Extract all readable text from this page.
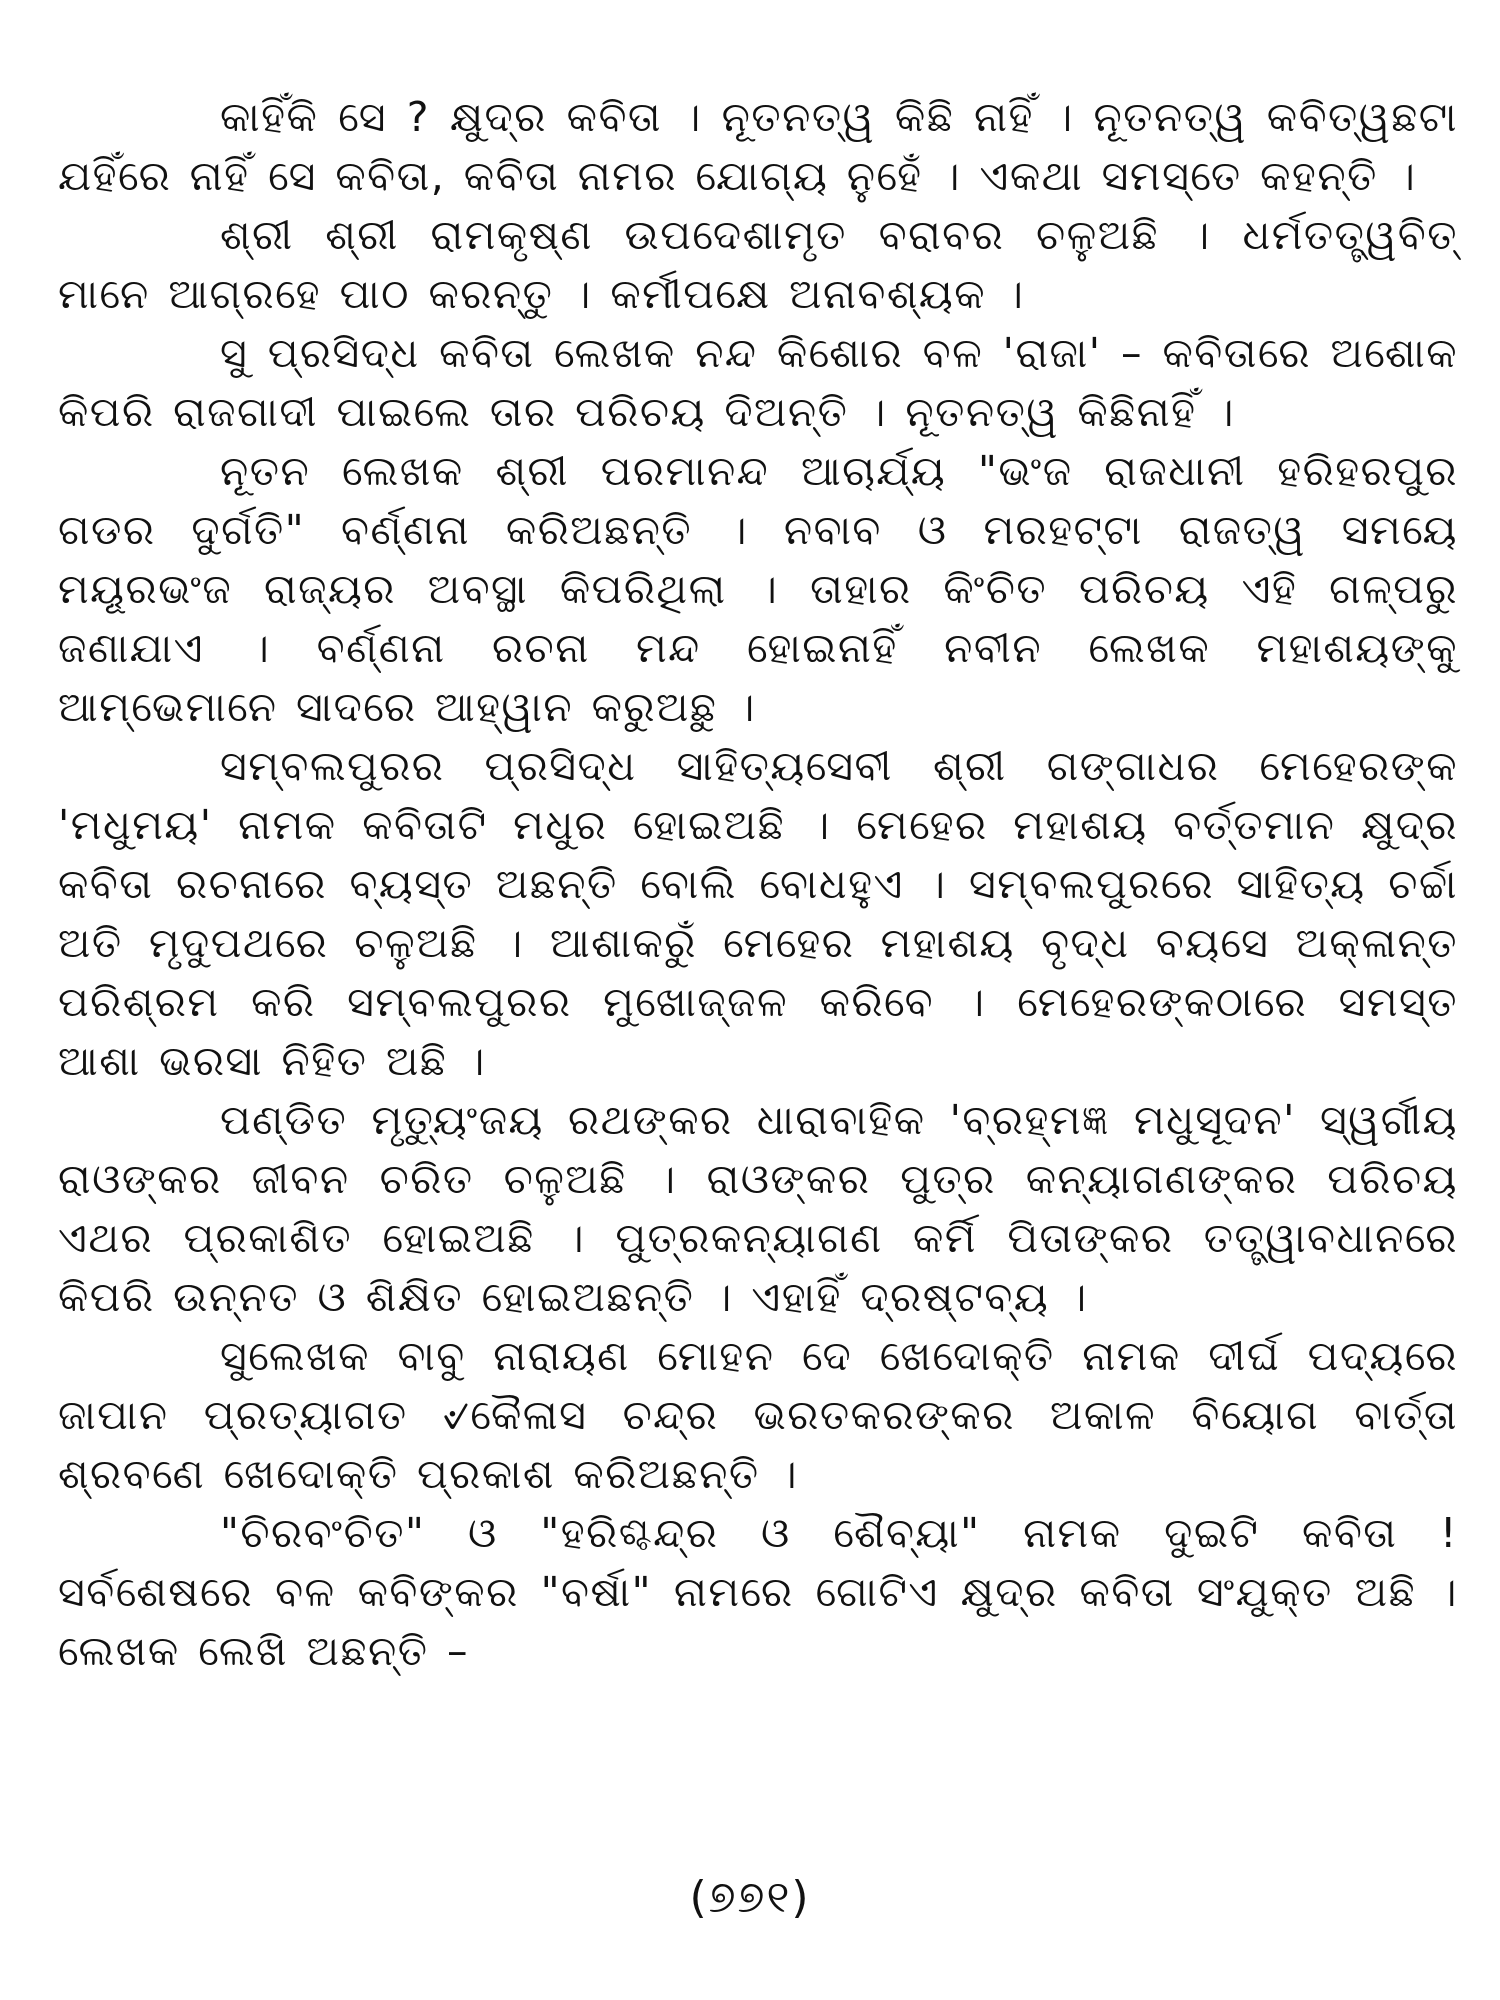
କାହିଁକି ସେ ? କ୍ଷୁଦ୍ର କବିତା । ନୂତନତ୍ୱ କିଛି ନାହିଁ । ନୂତନତ୍ୱ କବିତ୍ୱଛଟା ଯହିଁରେ ନାହିଁ ସେ କବିତା, କବିତା ନାମର ଯୋଗ୍ୟ ନୁହେଁ । ଏକଥା ସମସ୍ତେ କହନ୍ତି ।

ଶ୍ରୀ ଶ୍ରୀ ରାମକୃଷ୍ଣ ଉପଦେଶାମୃତ ବରାବର ଚଳୁଅଛି । ଧର୍ମତତ୍ତ୍ୱବିତ୍ ମାନେ ଆଗ୍ରହେ ପାଠ କରନ୍ତୁ । କର୍ମୀପକ୍ଷେ ଅନାବଶ୍ୟକ ।

ସୁ ପ୍ରସିଦ୍ଧ କବିତା ଲେଖକ ନନ୍ଦ କିଶୋର ବଳ 'ରାଜା' – କବିତାରେ ଅଶୋକ କିପରି ରାଜଗାଦୀ ପାଇଲେ ତାର ପରିଚୟ ଦିଅନ୍ତି । ନୂତନତ୍ୱ କିଛିନାହିଁ ।

ନୂତନ ଲେଖକ ଶ୍ରୀ ପରମାନନ୍ଦ ଆଚାର୍ଯ୍ୟ "ଭଂଜ ରାଜଧାନୀ ହରିହରପୁର ଗଡର ଦୁର୍ଗତି" ବର୍ଣ୍ଣନା କରିଅଛନ୍ତି । ନବାବ ଓ ମରହଟ୍ଟା ରାଜତ୍ୱ ସମୟେ ମୟୂରଭଂଜ ରାଜ୍ୟର ଅବସ୍ଥା କିପରିଥିଲା । ତାହାର କିଂଚିତ ପରିଚୟ ଏହି ଗଳ୍ପରୁ ଜଣାଯାଏ । ବର୍ଣ୍ଣନା ରଚନା ମନ୍ଦ ହୋଇନାହିଁ ନବୀନ ଲେଖକ ମହାଶୟଙ୍କୁ ଆମ୍ଭେମାନେ ସାଦରେ ଆହ୍ୱାନ କରୁଅଛୁ ।

ସମ୍ବଲପୁରର ପ୍ରସିଦ୍ଧ ସାହିତ୍ୟସେବୀ ଶ୍ରୀ ଗଙ୍ଗାଧର ମେହେରଙ୍କ 'ମଧୁମୟ' ନାମକ କବିତାଟି ମଧୁର ହୋଇଅଛି । ମେହେର ମହାଶୟ ବର୍ତ୍ତମାନ କ୍ଷୁଦ୍ର କବିତା ରଚନାରେ ବ୍ୟସ୍ତ ଅଛନ୍ତି ବୋଲି ବୋଧହୁଏ । ସମ୍ବଲପୁରରେ ସାହିତ୍ୟ ଚର୍ଚ୍ଚା ଅତି ମୃଦୁପଥରେ ଚଳୁଅଛି । ଆଶାକରୁଁ ମେହେର ମହାଶୟ ବୃଦ୍ଧ ବୟସେ ଅକ୍ଳାନ୍ତ ପରିଶ୍ରମ କରି ସମ୍ବଲପୁରର ମୁଖୋଜ୍ଜଳ କରିବେ । ମେହେରଙ୍କଠାରେ ସମସ୍ତ ଆଶା ଭରସା ନିହିତ ଅଛି ।

ପଣ୍ଡିତ ମୃତ୍ୟୁଂଜୟ ରଥଙ୍କର ଧାରାବାହିକ 'ବ୍ରହ୍ମଜ୍ଞ ମଧୁସୂଦନ' ସ୍ୱର୍ଗୀୟ ରାଓଙ୍କର ଜୀବନ ଚରିତ ଚଳୁଅଛି । ରାଓଙ୍କର ପୁତ୍ର କନ୍ୟାଗଣଙ୍କର ପରିଚୟ ଏଥର ପ୍ରକାଶିତ ହୋଇଅଛି । ପୁତ୍ରକନ୍ୟାଗଣ କର୍ମି ପିତାଙ୍କର ତତ୍ତ୍ୱାବଧାନରେ କିପରି ଉନ୍ନତ ଓ ଶିକ୍ଷିତ ହୋଇଅଛନ୍ତି । ଏହାହିଁ ଦ୍ରଷ୍ଟବ୍ୟ ।

ସୁଲେଖକ ବାବୁ ନାରାୟଣ ମୋହନ ଦେ ଖେଦୋକ୍ତି ନାମକ ଦୀର୍ଘ ପଦ୍ୟରେ ଜାପାନ ପ୍ରତ୍ୟାଗତ ୰କୈଳାସ ଚନ୍ଦ୍ର ଭରତକରଙ୍କର ଅକାଳ ବିୟୋଗ ବାର୍ତ୍ତା ଶ୍ରବଣେ ଖେଦୋକ୍ତି ପ୍ରକାଶ କରିଅଛନ୍ତି ।

"ଚିରବଂଚିତ" ଓ "ହରିଶ୍ଚନ୍ଦ୍ର ଓ ଶୈବ୍ୟା" ନାମକ ଦୁଇଟି କବିତା ! ସର୍ବଶେଷରେ ବଳ କବିଙ୍କର "ବର୍ଷା" ନାମରେ ଗୋଟିଏ କ୍ଷୁଦ୍ର କବିତା ସଂଯୁକ୍ତ ଅଛି । ଲେଖକ ଲେଖି ଅଛନ୍ତି –

(୭୭୧)
